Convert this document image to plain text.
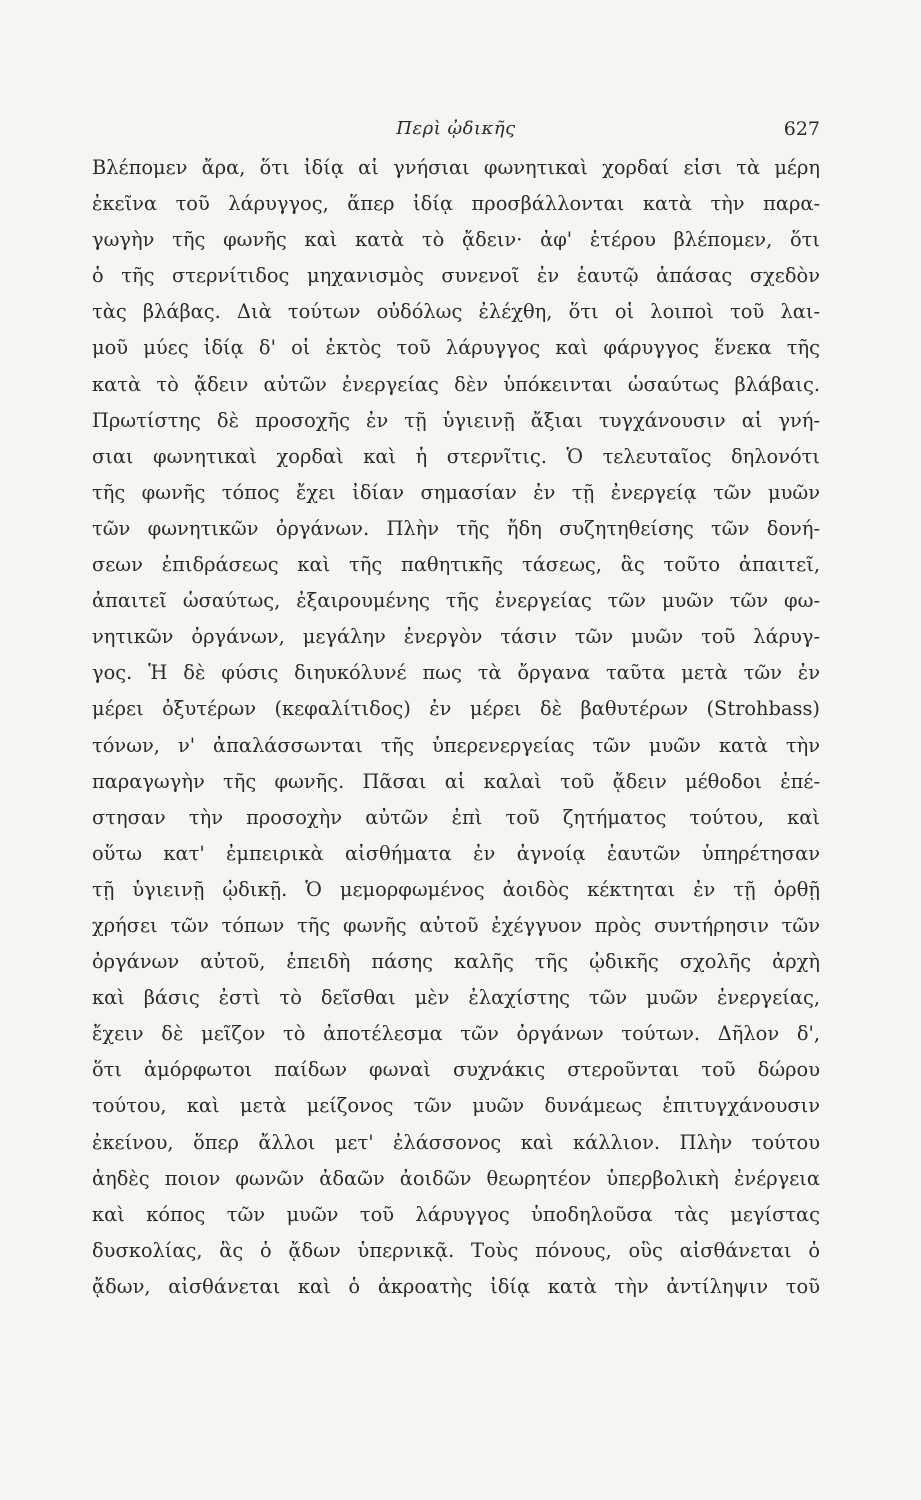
Περὶ ᾠδικῆς	627
Βλέπομεν ἄρα, ὅτι ἰδίᾳ αἱ γνήσιαι φωνητικαὶ χορδαί εἰσι τὰ μέρη
ἐκεῖνα τοῦ λάρυγγος, ἅπερ ἰδίᾳ προσβάλλονται κατὰ τὴν παρα-
γωγὴν τῆς φωνῆς καὶ κατὰ τὸ ᾄδειν· ἀφ' ἑτέρου βλέπομεν, ὅτι
ὁ τῆς στερνίτιδος μηχανισμὸς συνενοῖ ἐν ἑαυτῷ ἁπάσας σχεδὸν
τὰς βλάβας. Διὰ τούτων οὐδόλως ἐλέχθη, ὅτι οἱ λοιποὶ τοῦ λαι-
μοῦ μύες ἰδίᾳ δ' οἱ ἐκτὸς τοῦ λάρυγγος καὶ φάρυγγος ἕνεκα τῆς
κατὰ τὸ ᾄδειν αὐτῶν ἐνεργείας δὲν ὑπόκεινται ὡσαύτως βλάβαις.
Πρωτίστης δὲ προσοχῆς ἐν τῇ ὑγιεινῇ ἄξιαι τυγχάνουσιν αἱ γνή-
σιαι φωνητικαὶ χορδαὶ καὶ ἡ στερνῖτις. Ὁ τελευταῖος δηλονότι
τῆς φωνῆς τόπος ἔχει ἰδίαν σημασίαν ἐν τῇ ἐνεργείᾳ τῶν μυῶν
τῶν φωνητικῶν ὀργάνων. Πλὴν τῆς ἤδη συζητηθείσης τῶν δονή-
σεων ἐπιδράσεως καὶ τῆς παθητικῆς τάσεως, ἃς τοῦτο ἀπαιτεῖ,
ἀπαιτεῖ ὡσαύτως, ἐξαιρουμένης τῆς ἐνεργείας τῶν μυῶν τῶν φω-
νητικῶν ὀργάνων, μεγάλην ἐνεργὸν τάσιν τῶν μυῶν τοῦ λάρυγ-
γος. Ἡ δὲ φύσις διηυκόλυνέ πως τὰ ὄργανα ταῦτα μετὰ τῶν ἐν
μέρει ὀξυτέρων (κεφαλίτιδος) ἐν μέρει δὲ βαθυτέρων (Strohbass)
τόνων, ν' ἀπαλάσσωνται τῆς ὑπερενεργείας τῶν μυῶν κατὰ τὴν
παραγωγὴν τῆς φωνῆς. Πᾶσαι αἱ καλαὶ τοῦ ᾄδειν μέθοδοι ἐπέ-
στησαν τὴν προσοχὴν αὐτῶν ἐπὶ τοῦ ζητήματος τούτου, καὶ
οὕτω κατ' ἐμπειρικὰ αἰσθήματα ἐν ἀγνοίᾳ ἑαυτῶν ὑπηρέτησαν
τῇ ὑγιεινῇ ᾠδικῇ. Ὁ μεμορφωμένος ἀοιδὸς κέκτηται ἐν τῇ ὀρθῇ
χρήσει τῶν τόπων τῆς φωνῆς αὐτοῦ ἐχέγγυον πρὸς συντήρησιν τῶν
ὀργάνων αὐτοῦ, ἐπειδὴ πάσης καλῆς τῆς ᾠδικῆς σχολῆς ἀρχὴ
καὶ βάσις ἐστὶ τὸ δεῖσθαι μὲν ἐλαχίστης τῶν μυῶν ἐνεργείας,
ἔχειν δὲ μεῖζον τὸ ἀποτέλεσμα τῶν ὀργάνων τούτων. Δῆλον δ',
ὅτι ἀμόρφωτοι παίδων φωναὶ συχνάκις στεροῦνται τοῦ δώρου
τούτου, καὶ μετὰ μείζονος τῶν μυῶν δυνάμεως ἐπιτυγχάνουσιν
ἐκείνου, ὅπερ ἄλλοι μετ' ἐλάσσονος καὶ κάλλιον. Πλὴν τούτου
ἀηδὲς ποιον φωνῶν ἀδαῶν ἀοιδῶν θεωρητέον ὑπερβολικὴ ἐνέργεια
καὶ κόπος τῶν μυῶν τοῦ λάρυγγος ὑποδηλοῦσα τὰς μεγίστας
δυσκολίας, ἃς ὁ ᾄδων ὑπερνικᾷ. Τοὺς πόνους, οὓς αἰσθάνεται ὁ
ᾄδων, αἰσθάνεται καὶ ὁ ἀκροατὴς ἰδίᾳ κατὰ τὴν ἀντίληψιν τοῦ
